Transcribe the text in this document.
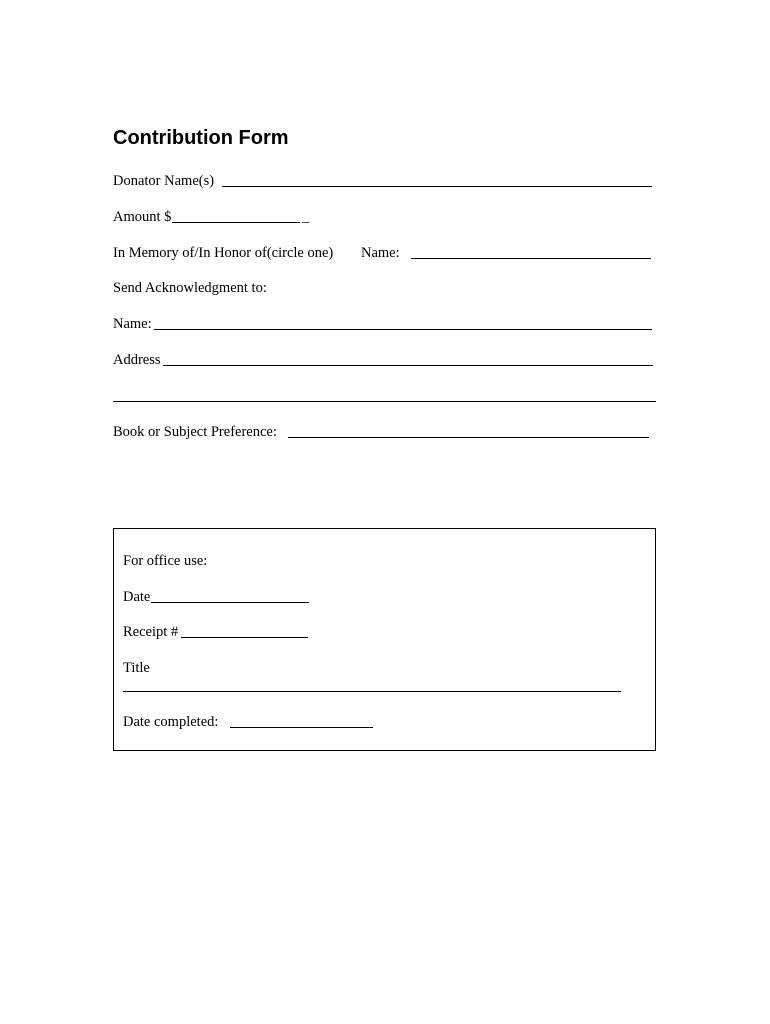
Contribution Form
Donator Name(s)
Amount $	_
In Memory of/In Honor of(circle one) Name:
Send Acknowledgment to:
Name:
Address
Book or Subject Preference:
For office use:
Date
Receipt #
Title
Date completed:
